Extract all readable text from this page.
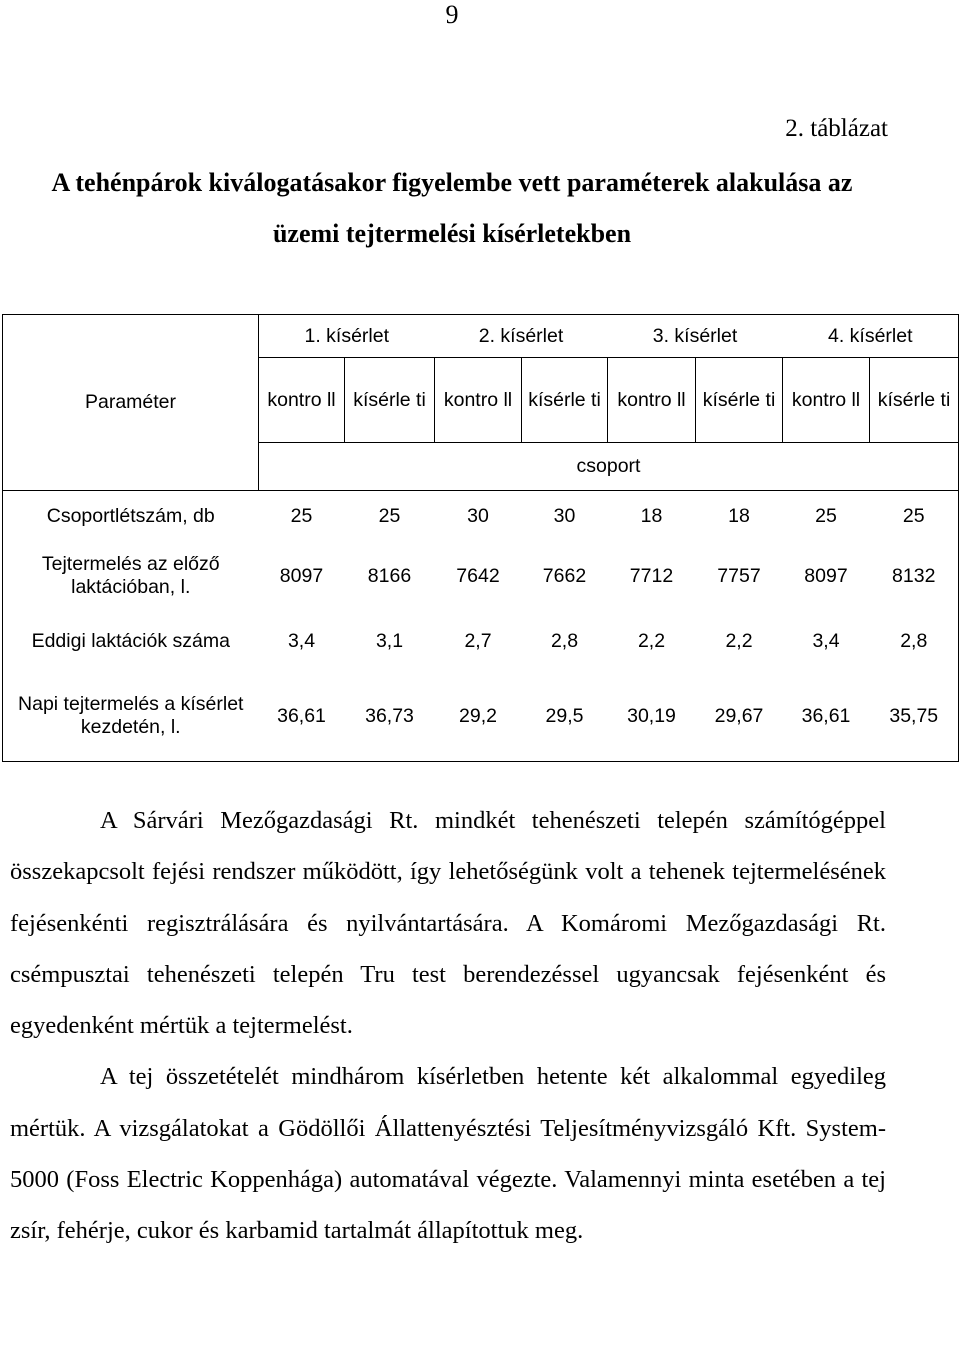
9
2. táblázat
A tehénpárok kiválogatásakor figyelembe vett paraméterek alakulása az üzemi tejtermelési kísérletekben
Paraméter	1. kísérlet		2. kísérlet		3. kísérlet		4. kísérlet	
	kontro ll	kísérle ti	kontro ll	kísérle ti	kontro ll	kísérle ti	kontro ll	kísérle ti
	csoport							
Csoportlétszám, db	25	25	30	30	18	18	25	25
Tejtermelés az előző laktációban, l.	8097	8166	7642	7662	7712	7757	8097	8132
Eddigi laktációk száma	3,4	3,1	2,7	2,8	2,2	2,2	3,4	2,8
Napi tejtermelés a kísérlet kezdetén, l.	36,61	36,73	29,2	29,5	30,19	29,67	36,61	35,75

A Sárvári Mezőgazdasági Rt. mindkét tehenészeti telepén számítógéppel összekapcsolt fejési rendszer működött, így lehetőségünk volt a tehenek tejtermelésének fejésenkénti regisztrálására és nyilvántartására. A Komáromi Mezőgazdasági Rt. csémpusztai tehenészeti telepén Tru test berendezéssel ugyancsak fejésenként és egyedenként mértük a tejtermelést.

A tej összetételét mindhárom kísérletben hetente két alkalommal egyedileg mértük. A vizsgálatokat a Gödöllői Állattenyésztési Teljesítményvizsgáló Kft. System-5000 (Foss Electric Koppenhága) automatával végezte. Valamennyi minta esetében a tej zsír, fehérje, cukor és karbamid tartalmát állapítottuk meg.
